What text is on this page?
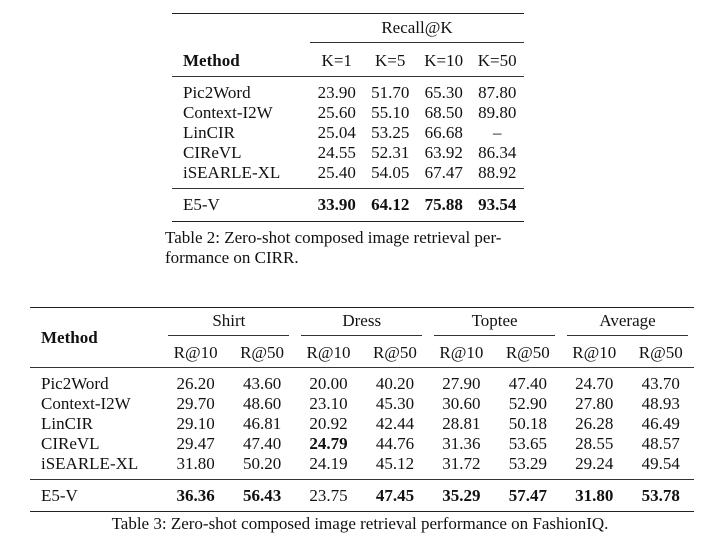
	Recall@K			

Method	K=1	K=5	K=10	K=50
Pic2Word	23.90	51.70	65.30	87.80
Context-I2W	25.60	55.10	68.50	89.80
LinCIR	25.04	53.25	66.68	–
CIReVL	24.55	52.31	63.92	86.34
iSEARLE-XL	25.40	54.05	67.47	88.92
E5-V	33.90	64.12	75.88	93.54
Table 2: Zero-shot composed image retrieval per-
formance on CIRR.
Method	Shirt		Dress		Toptee		Average	

	R@10	R@50	R@10	R@50	R@10	R@50	R@10	R@50
Pic2Word	26.20	43.60	20.00	40.20	27.90	47.40	24.70	43.70
Context-I2W	29.70	48.60	23.10	45.30	30.60	52.90	27.80	48.93
LinCIR	29.10	46.81	20.92	42.44	28.81	50.18	26.28	46.49
CIReVL	29.47	47.40	24.79	44.76	31.36	53.65	28.55	48.57
iSEARLE-XL	31.80	50.20	24.19	45.12	31.72	53.29	29.24	49.54
E5-V	36.36	56.43	23.75	47.45	35.29	57.47	31.80	53.78
Table 3: Zero-shot composed image retrieval performance on FashionIQ.
